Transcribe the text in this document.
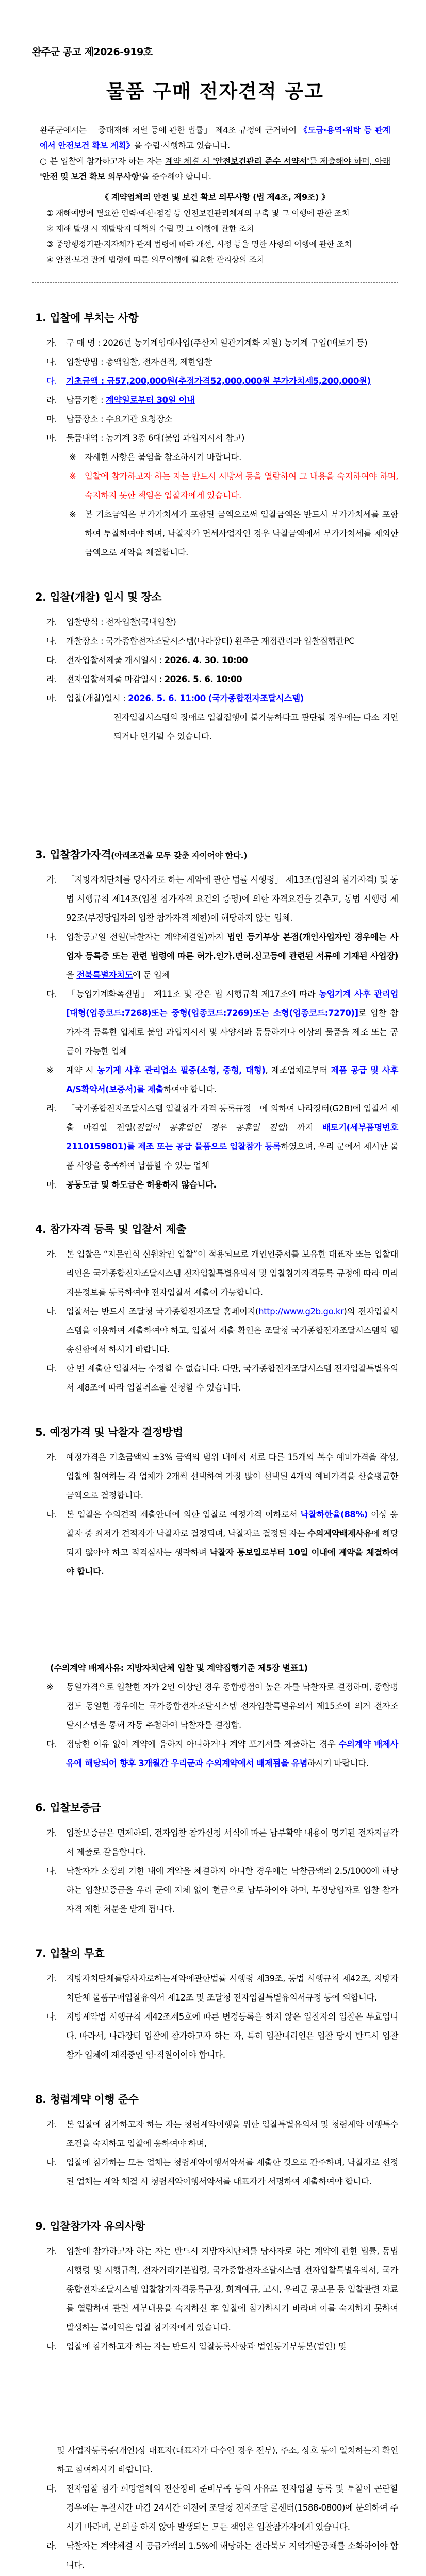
완주군 공고 제2026-919호
물품 구매 전자견적 공고
완주군에서는 「중대재해 처벌 등에 관한 법률」 제4조 규정에 근거하여 《도급·용역·위탁 등 관계에서 안전보건 확보 계획》을 수립·시행하고 있습니다.
○ 본 입찰에 참가하고자 하는 자는 계약 체결 시 '안전보건관리 준수 서약서'를 제출해야 하며, 아래 '안전 및 보건 확보 의무사항'을 준수해야 합니다.
《 계약업체의 안전 및 보건 확보 의무사항 (법 제4조, 제9조) 》
① 재해예방에 필요한 인력·예산·점검 등 안전보건관리체계의 구축 및 그 이행에 관한 조치
② 재해 발생 시 재발방지 대책의 수립 및 그 이행에 관한 조치
③ 중앙행정기관·지자체가 관계 법령에 따라 개선, 시정 등을 명한 사항의 이행에 관한 조치
④ 안전·보건 관계 법령에 따른 의무이행에 필요한 관리상의 조치
1. 입찰에 부치는 사항
가. 구 매 명 : 2026년 농기계임대사업(주산지 일관기계화 지원) 농기계 구입(배토기 등)
나. 입찰방법 : 총액입찰, 전자견적, 제한입찰
다. 기초금액 : 금57,200,000원(추정가격52,000,000원 부가가치세5,200,000원)
라. 납품기한 : 계약일로부터 30일 이내
마. 납품장소 : 수요기관 요청장소
바. 물품내역 : 농기계 3종 6대(붙임 과업지시서 참고)
※ 자세한 사항은 붙임을 참조하시기 바랍니다.
※ 입찰에 참가하고자 하는 자는 반드시 시방서 등을 열람하여 그 내용을 숙지하여야 하며, 숙지하지 못한 책임은 입찰자에게 있습니다.
※ 본 기초금액은 부가가치세가 포함된 금액으로써 입찰금액은 반드시 부가가치세를 포함하여 투찰하여야 하며, 낙찰자가 면세사업자인 경우 낙찰금액에서 부가가치세를 제외한 금액으로 계약을 체결합니다.
2. 입찰(개찰) 일시 및 장소
가. 입찰방식 : 전자입찰(국내입찰)
나. 개찰장소 : 국가종합전자조달시스템(나라장터) 완주군 재정관리과 입찰집행관PC
다. 전자입찰서제출 개시일시 : 2026. 4. 30. 10:00
라. 전자입찰서제출 마감일시 : 2026. 5. 6. 10:00
마. 입찰(개찰)일시 : 2026. 5. 6. 11:00 (국가종합전자조달시스템)
전자입찰시스템의 장애로 입찰집행이 불가능하다고 판단될 경우에는 다소 지연되거나 연기될 수 있습니다.
3. 입찰참가자격(아래조건을 모두 갖춘 자이어야 한다.)
가. 「지방자치단체를 당사자로 하는 계약에 관한 법률 시행령」 제13조(입찰의 참가자격) 및 동법 시행규칙 제14조(입찰 참가자격 요건의 증명)에 의한 자격요건을 갖추고, 동법 시행령 제92조(부정당업자의 입찰 참가자격 제한)에 해당하지 않는 업체.
나. 입찰공고일 전일(낙찰자는 계약체결일)까지 법인 등기부상 본점(개인사업자인 경우에는 사업자 등록증 또는 관련 법령에 따른 허가.인가.면허.신고등에 관련된 서류에 기재된 사업장)을 전북특별자치도에 둔 업체
다. 「농업기계화촉진법」 제11조 및 같은 법 시행규칙 제17조에 따라 농업기계 사후 관리업 [대형(업종코드:7268)또는 중형(업종코드:7269)또는 소형(업종코드:7270)]로 입찰 참가자격 등록한 업체로 붙임 과업지시서 및 사양서와 동등하거나 이상의 물품을 제조 또는 공급이 가능한 업체
※ 계약 시 농기계 사후 관리업소 필증(소형, 중형, 대형), 제조업체로부터 제품 공급 및 사후 A/S확약서(보증서)를 제출하여야 합니다.
라. 「국가종합전자조달시스템 입찰참가 자격 등록규정」에 의하여 나라장터(G2B)에 입찰서 제출 마감일 전일(전일이 공휴일인 경우 공휴일 전일) 까지 배토기(세부품명번호 2110159801)를 제조 또는 공급 물품으로 입찰참가 등록하였으며, 우리 군에서 제시한 물품 사양을 충족하여 납품할 수 있는 업체
마. 공동도급 및 하도급은 허용하지 않습니다.
4. 참가자격 등록 및 입찰서 제출
가. 본 입찰은 “지문인식 신원확인 입찰”이 적용되므로 개인인증서를 보유한 대표자 또는 입찰대리인은 국가종합전자조달시스템 전자입찰특별유의서 및 입찰참가자격등록 규정에 따라 미리 지문정보를 등록하여야 전자입찰서 제출이 가능합니다.
나. 입찰서는 반드시 조달청 국가종합전자조달 홈페이지(http://www.g2b.go.kr)의 전자입찰시스템을 이용하여 제출하여야 하고, 입찰서 제출 확인은 조달청 국가종합전자조달시스템의 웹송신함에서 하시기 바랍니다.
다. 한 번 제출한 입찰서는 수정할 수 없습니다. 다만, 국가종합전자조달시스템 전자입찰특별유의서 제8조에 따라 입찰취소를 신청할 수 있습니다.
5. 예정가격 및 낙찰자 결정방법
가. 예정가격은 기초금액의 ±3% 금액의 범위 내에서 서로 다른 15개의 복수 예비가격을 작성, 입찰에 참여하는 각 업체가 2개씩 선택하여 가장 많이 선택된 4개의 예비가격을 산술평균한 금액으로 결정합니다.
나. 본 입찰은 수의견적 제출안내에 의한 입찰로 예정가격 이하로서 낙찰하한율(88%) 이상 응찰자 중 최저가 견적자가 낙찰자로 결정되며, 낙찰자로 결정된 자는 수의계약배제사유에 해당되지 않아야 하고 적격심사는 생략하며 낙찰자 통보일로부터 10일 이내에 계약을 체결하여야 합니다.
(수의계약 배제사유: 지방자치단체 입찰 및 계약집행기준 제5장 별표1)
※ 동일가격으로 입찰한 자가 2인 이상인 경우 종합평점이 높은 자를 낙찰자로 결정하며, 종합평점도 동일한 경우에는 국가종합전자조달시스템 전자입찰특별유의서 제15조에 의거 전자조달시스템을 통해 자동 추첨하여 낙찰자를 결정함.
다. 정당한 이유 없이 계약에 응하지 아니하거나 계약 포기서를 제출하는 경우 수의계약 배제사유에 해당되어 향후 3개월간 우리군과 수의계약에서 배제됨을 유념하시기 바랍니다.
6. 입찰보증금
가. 입찰보증금은 면제하되, 전자입찰 참가신청 서식에 따른 납부확약 내용이 명기된 전자지급각서 제출로 갈음합니다.
나. 낙찰자가 소정의 기한 내에 계약을 체결하지 아니할 경우에는 낙찰금액의 2.5/1000에 해당하는 입찰보증금을 우리 군에 지체 없이 현금으로 납부하여야 하며, 부정당업자로 입찰 참가 자격 제한 처분을 받게 됩니다.
7. 입찰의 무효
가. 지방자치단체를당사자로하는계약에관한법률 시행령 제39조, 동법 시행규칙 제42조, 지방자치단체 물품구매입찰유의서 제12조 및 조달청 전자입찰특별유의서규정 등에 의합니다.
나. 지방계약법 시행규칙 제42조제5호에 따른 변경등록을 하지 않은 입찰자의 입찰은 무효입니다. 따라서, 나라장터 입찰에 참가하고자 하는 자, 특히 입찰대리인은 입찰 당시 반드시 입찰참가 업체에 재직중인 임·직원이어야 합니다.
8. 청렴계약 이행 준수
가. 본 입찰에 참가하고자 하는 자는 청렴계약이행을 위한 입찰특별유의서 및 청렴계약 이행특수 조건을 숙지하고 입찰에 응하여야 하며,
나. 입찰에 참가하는 모든 업체는 청렴계약이행서약서를 제출한 것으로 간주하며, 낙찰자로 선정된 업체는 계약 체결 시 청렴계약이행서약서를 대표자가 서명하여 제출하여야 합니다.
9. 입찰참가자 유의사항
가. 입찰에 참가하고자 하는 자는 반드시 지방자치단체를 당사자로 하는 계약에 관한 법률, 동법 시행령 및 시행규칙, 전자거래기본법령, 국가종합전자조달시스템 전자입찰특별유의서, 국가종합전자조달시스템 입찰참가자격등록규정, 회계예규, 고시, 우리군 공고문 등 입찰관련 자료를 열람하여 관련 세부내용을 숙지하신 후 입찰에 참가하시기 바라며 이를 숙지하지 못하여 발생하는 불이익은 입찰 참가자에게 있습니다.
나. 입찰에 참가하고자 하는 자는 반드시 입찰등록사항과 법인등기부등본(법인) 및
및 사업자등록증(개인)상 대표자(대표자가 다수인 경우 전부), 주소, 상호 등이 일치하는지 확인하고 참여하시기 바랍니다.
다. 전자입찰 참가 희망업체의 전산장비 준비부족 등의 사유로 전자입찰 등록 및 투찰이 곤란할 경우에는 투찰시간 마감 24시간 이전에 조달청 전자조달 콜센터(1588-0800)에 문의하여 주시기 바라며, 문의를 하지 않아 발생되는 모든 책임은 입찰참가자에게 있습니다.
라. 낙찰자는 계약체결 시 공급가액의 1.5%에 해당하는 전라북도 지역개발공채를 소화하여야 합니다.
